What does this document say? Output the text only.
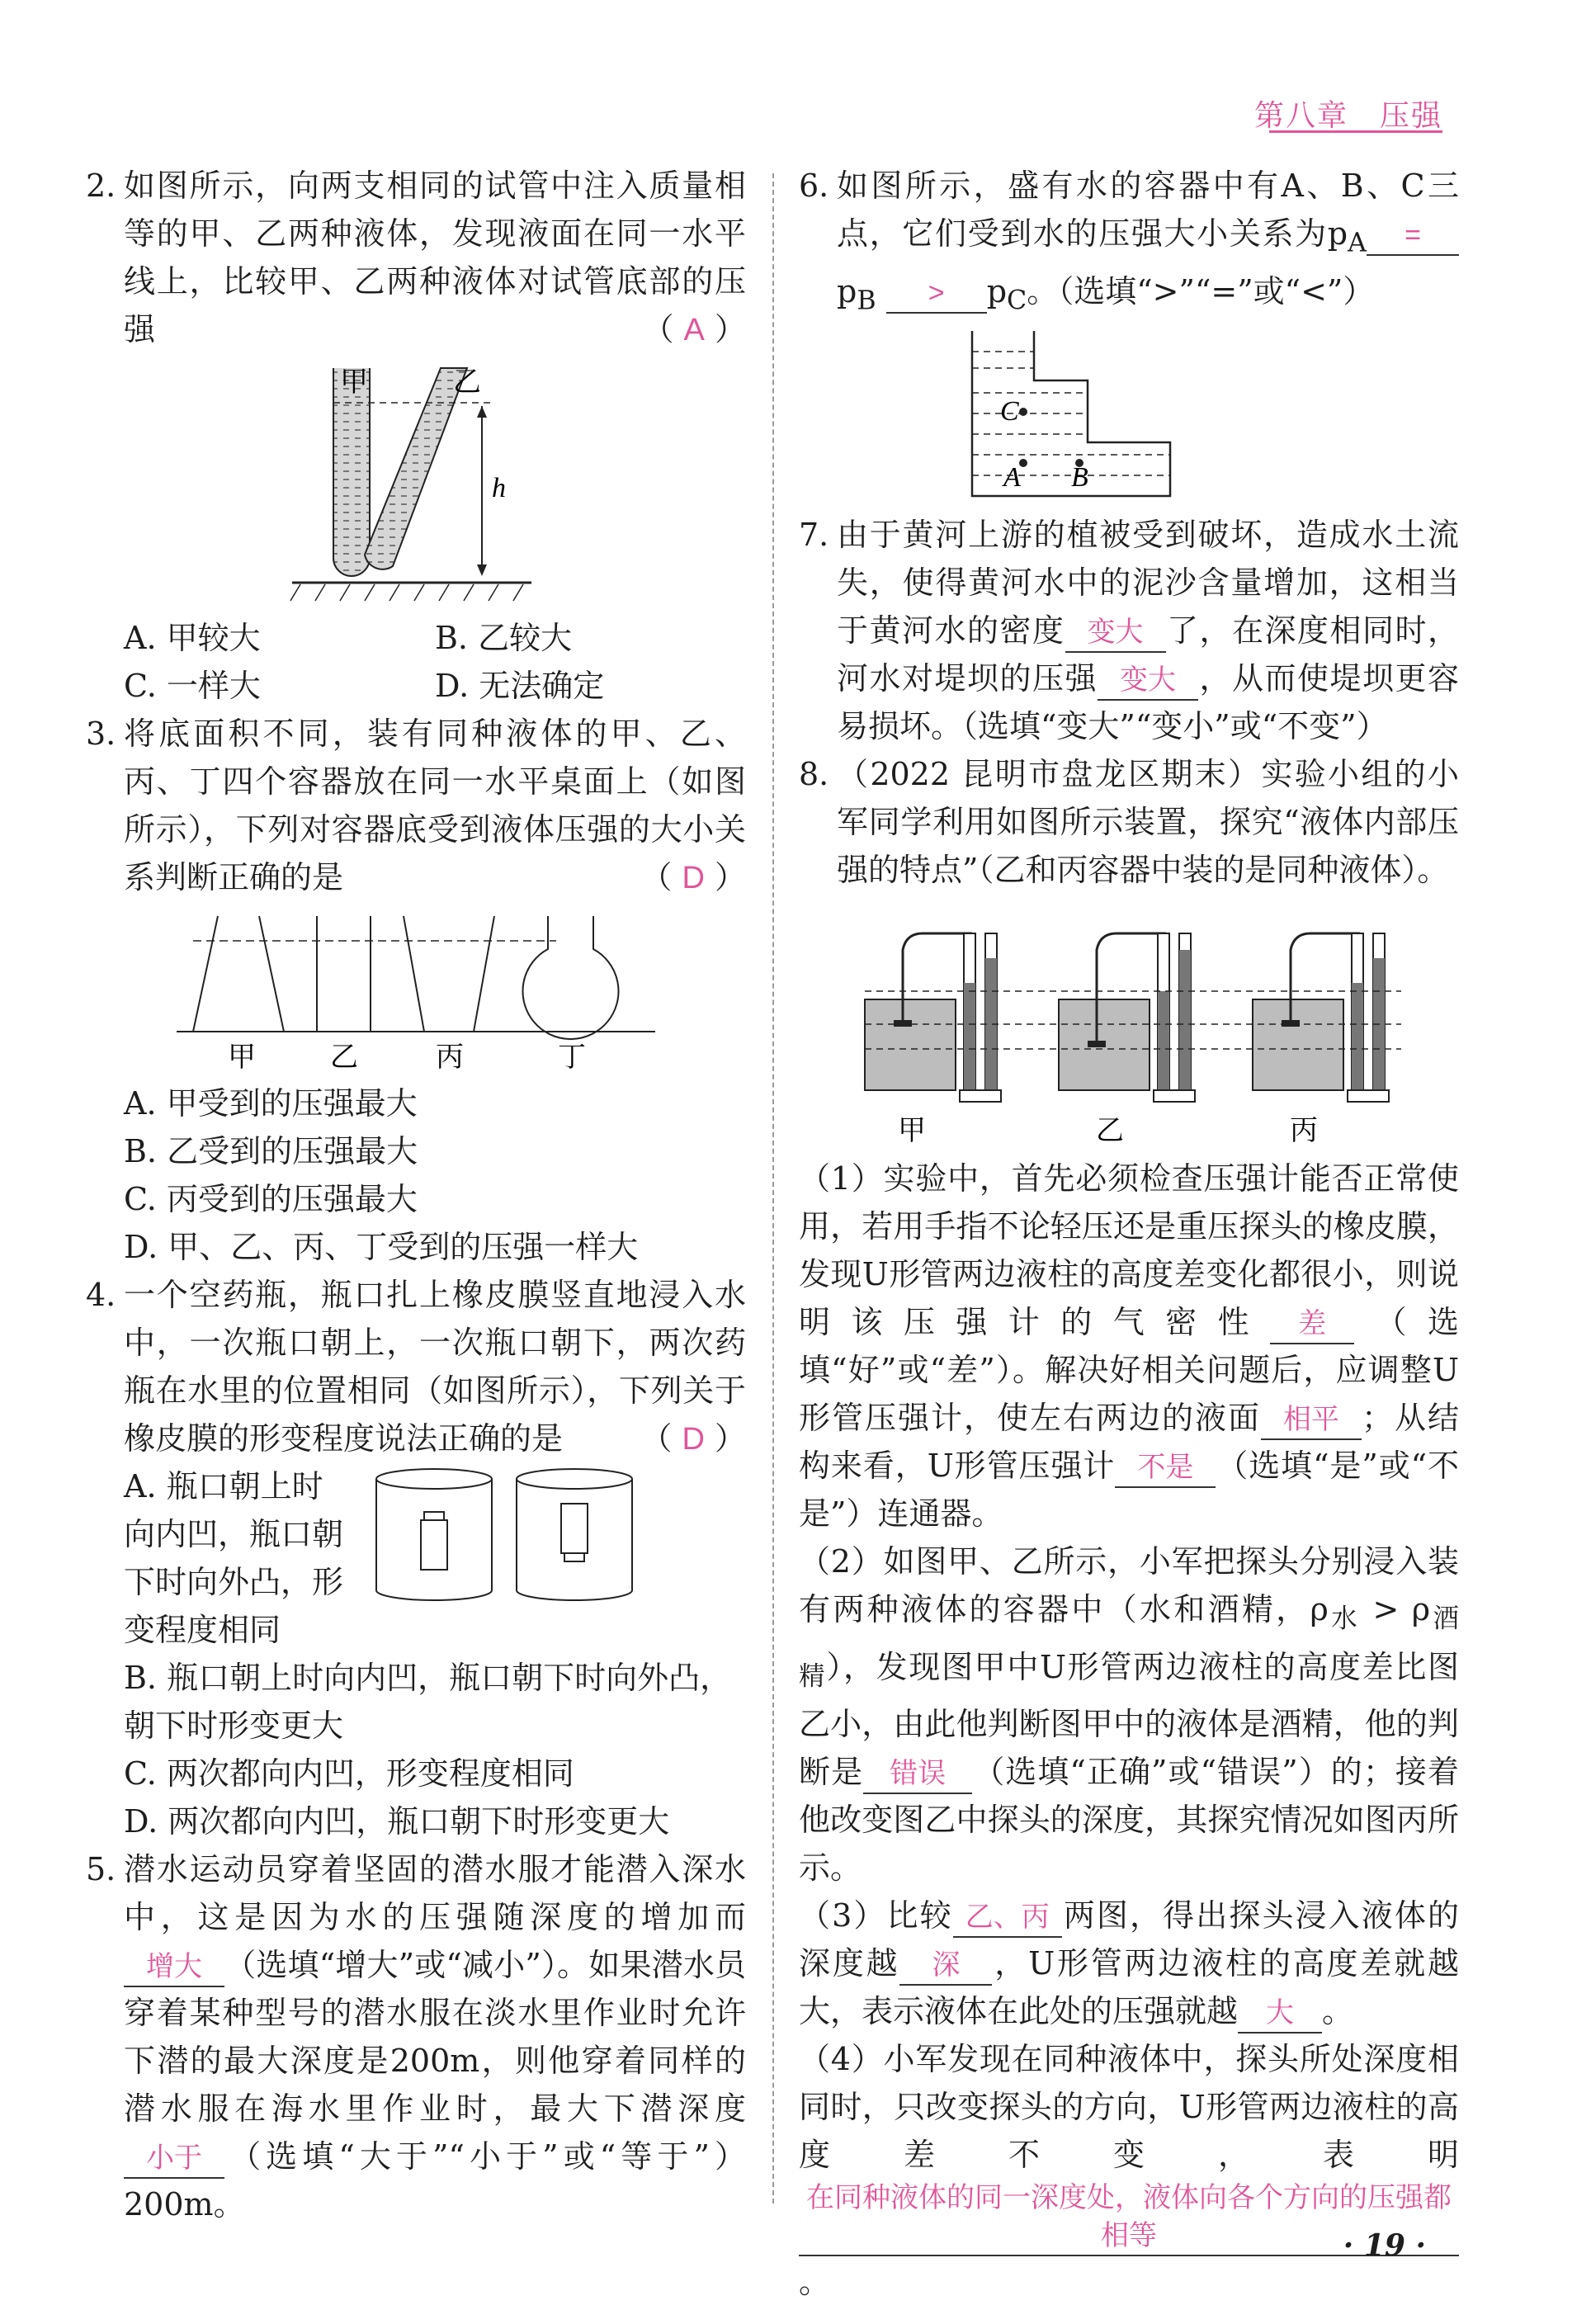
第八章　压强
2. 如图所示，向两支相同的试管中注入质量相等的甲、乙两种液体，发现液面在同一水平线上，比较甲、乙两种液体对试管底部的压强	（ A ）
甲	乙
h
A. 甲较大	B. 乙较大
C. 一样大	D. 无法确定
3. 将底面积不同，装有同种液体的甲、乙、丙、丁四个容器放在同一水平桌面上（如图所示），下列对容器底受到液体压强的大小关系判断正确的是	（ D ）
甲	乙	丙	丁

A. 甲受到的压强最大

B. 乙受到的压强最大

C. 丙受到的压强最大

D. 甲、乙、丙、丁受到的压强一样大

4. 一个空药瓶，瓶口扎上橡皮膜竖直地浸入水中，一次瓶口朝上，一次瓶口朝下，两次药瓶在水里的位置相同（如图所示），下列关于橡皮膜的形变程度说法正确的是 （ D ）

A. 瓶口朝上时向内凹，瓶口朝下时向外凸，形变程度相同

B. 瓶口朝上时向内凹，瓶口朝下时向外凸，朝下时形变更大

C. 两次都向内凹，形变程度相同

D. 两次都向内凹，瓶口朝下时形变更大

5. 潜水运动员穿着坚固的潜水服才能潜入深水中，这是因为水的压强随深度的增加而增大 （选填“增大”或“减小”）。如果潜水员穿着某种型号的潜水服在淡水里作业时允许下潜的最大深度是200m，则他穿着同样的潜水服在海水里作业时，最大下潜深度小于 （选填“大于”“小于”或“等于”）200m。
6. 如图所示，盛有水的容器中有A、B、C三点，它们受到水的压强大小关系为$p_A =p_B > p_C$。（选填“>”“=”或“<”）
C
A B
7. 由于黄河上游的植被受到破坏，造成水土流失，使得黄河水中的泥沙含量增加，这相当于黄河水的密度 变大 了，在深度相同时，河水对堤坝的压强 变大 ，从而使堤坝更容易损坏。（选填“变大”“变小”或“不变”）
8. （2022 昆明市盘龙区期末）实验小组的小军同学利用如图所示装置，探究“液体内部压强的特点”（乙和丙容器中装的是同种液体）。
甲	乙	丙

（1）实验中，首先必须检查压强计能否正常使用，若用手指不论轻压还是重压探头的橡皮膜，发现U形管两边液柱的高度差变化都很小，则说明该压强计的气密性 差 （选填“好”或“差”）。解决好相关问题后，应调整U形管压强计，使左右两边的液面 相平 ；从结构来看，U形管压强计 不是 （选填“是”或“不是”）连通器。

（2）如图甲、乙所示，小军把探头分别浸入装有两种液体的容器中（水和酒精，$\rho_水 > \rho_{酒精}$），发现图甲中U形管两边液柱的高度差比图乙小，由此他判断图甲中的液体是酒精，他的判断是 错误 （选填“正确”或“错误”）的；接着他改变图乙中探头的深度，其探究情况如图丙所示。

（3）比较 乙、丙 两图，得出探头浸入液体的深度越 深 ，U形管两边液柱的高度差就越大，表示液体在此处的压强就越 大 。

（4）小军发现在同种液体中，探头所处深度相同时，只改变探头的方向，U形管两边液柱的高度差不变，表明在同种液体的同一深度处，液体向各个方向的压强都相等。

· 19 ·
